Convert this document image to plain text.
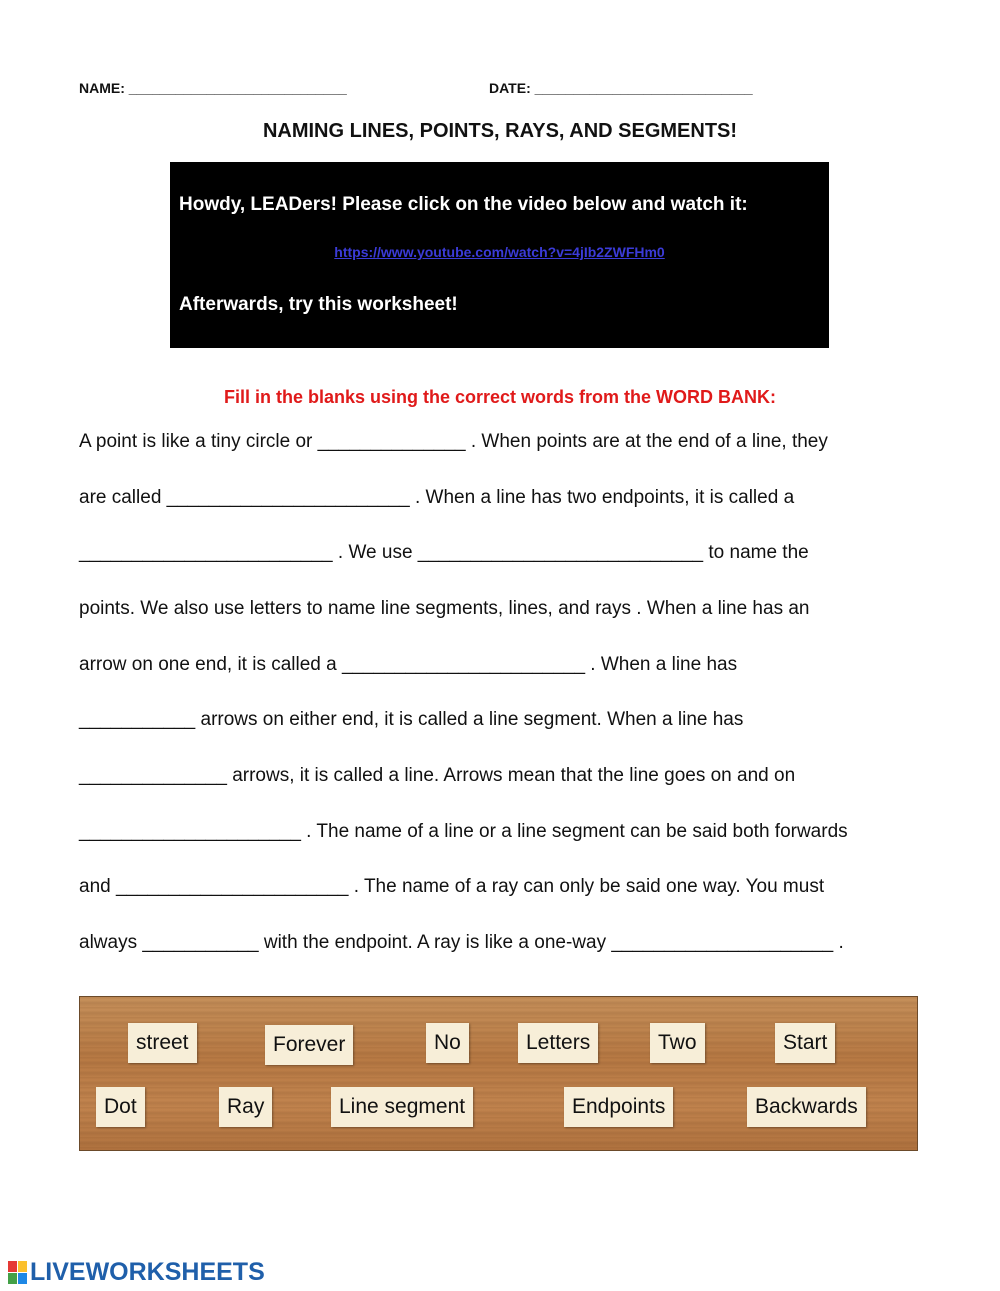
NAME: ____________________________	DATE: ____________________________
NAMING LINES, POINTS, RAYS, AND SEGMENTS!
Howdy, LEADers! Please click on the video below and watch it:
https://www.youtube.com/watch?v=4jIb2ZWFHm0
Afterwards, try this worksheet!
Fill in the blanks using the correct words from the WORD BANK:
A point is like a tiny circle or ______________ . When points are at the end of a line, they
are called _______________________ . When a line has two endpoints, it is called a
________________________ . We use ___________________________ to name the
points. We also use letters to name line segments, lines, and rays . When a line has an
arrow on one end, it is called a _______________________ . When a line has
___________ arrows on either end, it is called a line segment. When a line has
______________ arrows, it is called a line. Arrows mean that the line goes on and on
_____________________ . The name of a line or a line segment can be said both forwards
and ______________________ . The name of a ray can only be said one way. You must
always ___________ with the endpoint. A ray is like a one-way _____________________ .
street	Forever	No	Letters	Two	Start
Dot	Ray	Line segment	Endpoints	Backwards
LIVEWORKSHEETS
